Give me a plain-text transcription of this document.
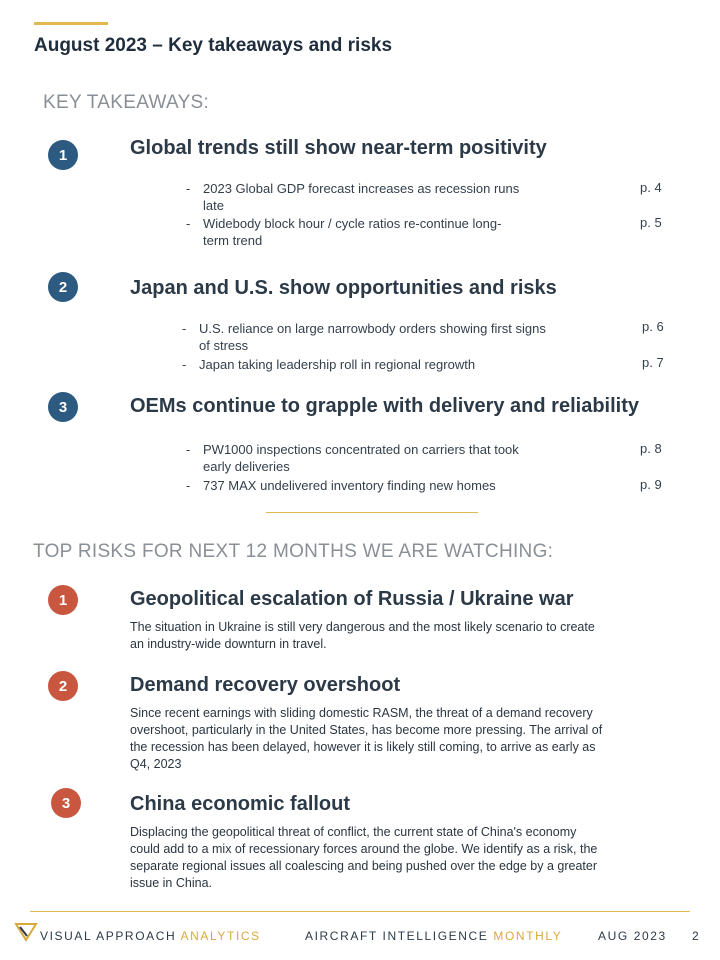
August 2023 – Key takeaways and risks
KEY TAKEAWAYS:
1	Global trends still show near-term positivity
- 2023 Global GDP forecast increases as recession runs
late
p. 4
- Widebody block hour / cycle ratios re-continue long-
term trend
p. 5
2	Japan and U.S. show opportunities and risks
- U.S. reliance on large narrowbody orders showing first signs
of stress
p. 6
- Japan taking leadership roll in regional regrowth	p. 7
3	OEMs continue to grapple with delivery and reliability
- PW1000 inspections concentrated on carriers that took
early deliveries
p. 8
- 737 MAX undelivered inventory finding new homes	p. 9
TOP RISKS FOR NEXT 12 MONTHS WE ARE WATCHING:
1	Geopolitical escalation of Russia / Ukraine war
The situation in Ukraine is still very dangerous and the most likely scenario to create
an industry-wide downturn in travel.
2	Demand recovery overshoot
Since recent earnings with sliding domestic RASM, the threat of a demand recovery
overshoot, particularly in the United States, has become more pressing. The arrival of
the recession has been delayed, however it is likely still coming, to arrive as early as
Q4, 2023
3	China economic fallout
Displacing the geopolitical threat of conflict, the current state of China's economy
could add to a mix of recessionary forces around the globe. We identify as a risk, the
separate regional issues all coalescing and being pushed over the edge by a greater
issue in China.
VISUAL APPROACH ANALYTICS	AIRCRAFT INTELLIGENCE MONTHLY	AUG 2023 2
